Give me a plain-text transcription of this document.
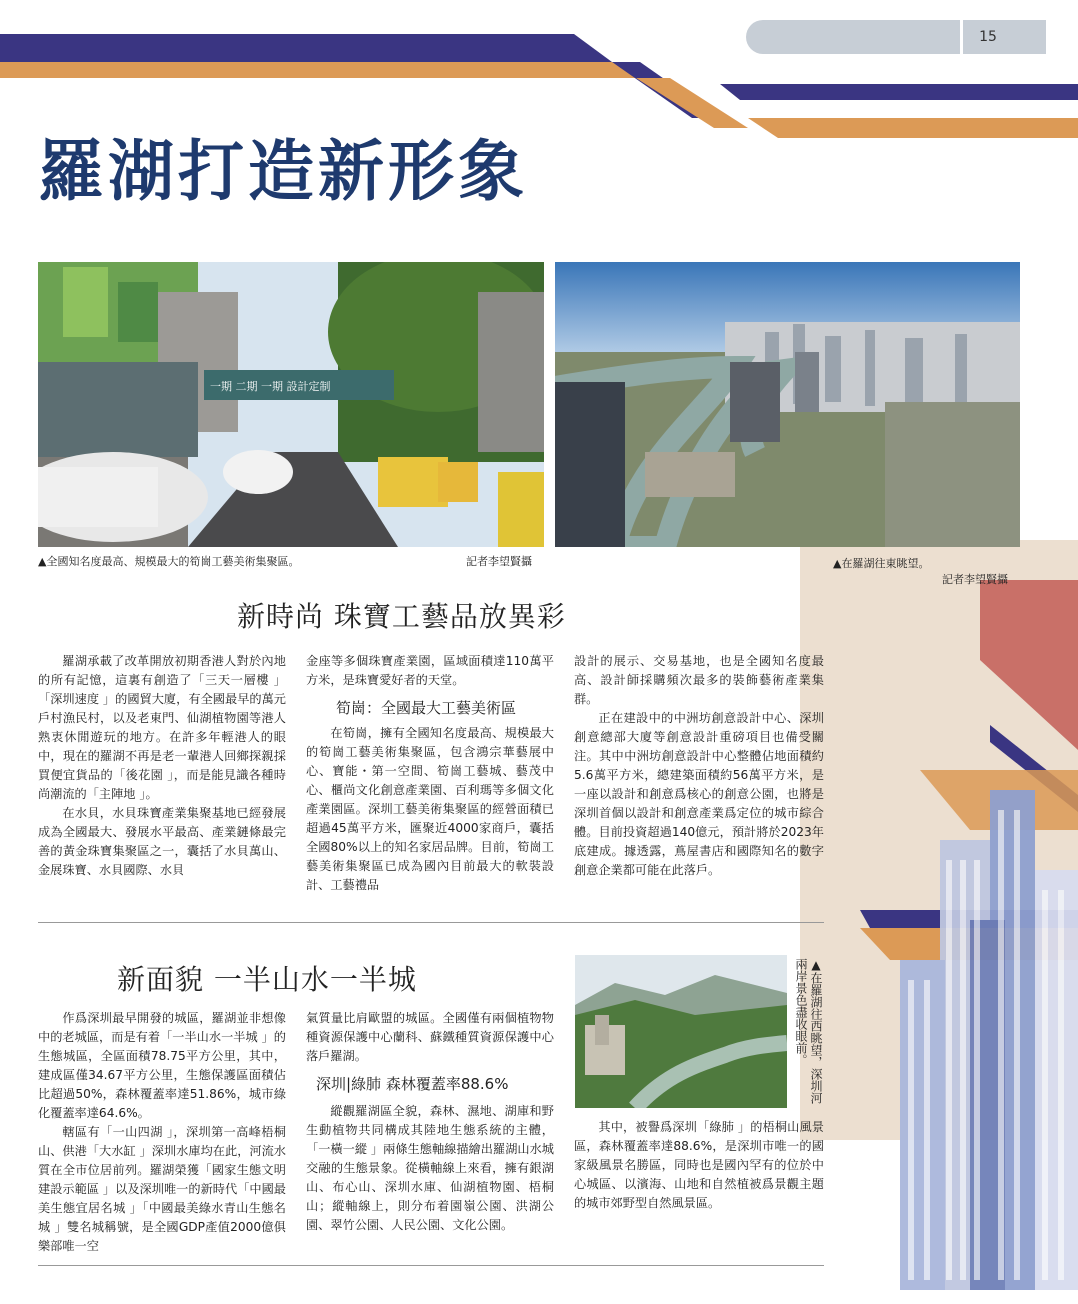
15
羅湖打造新形象
一期 二期 一期 設計定制
▲全國知名度最高、規模最大的筍崗工藝美術集聚區。	記者李望賢攝	▲在羅湖往東眺望。
記者李望賢攝
新時尚 珠寶工藝品放異彩

羅湖承載了改革開放初期香港人對於內地的所有記憶，這裏有創造了「三天一層樓 」「深圳速度 」的國貿大廈，有全國最早的萬元戶村漁民村，以及老東門、仙湖植物園等港人熟衷休閒遊玩的地方。在許多年輕港人的眼中，現在的羅湖不再是老一輩港人回鄉探親採買便宜貨品的「後花園 」，而是能見識各種時尚潮流的「主陣地 」。

在水貝，水貝珠寶產業集聚基地已經發展成為全國最大、發展水平最高、產業鏈條最完善的黃金珠寶集聚區之一，囊括了水貝萬山、金展珠寶、水貝國際、水貝

金座等多個珠寶產業園，區域面積達110萬平方米，是珠寶愛好者的天堂。

筍崗：全國最大工藝美術區

在筍崗，擁有全國知名度最高、規模最大的筍崗工藝美術集聚區，包含鴻宗華藝展中心、寶能・第一空間、筍崗工藝城、藝茂中心、櫃尚文化創意產業園、百利瑪等多個文化產業園區。深圳工藝美術集聚區的經營面積已超過45萬平方米，匯聚近4000家商戶，囊括全國80%以上的知名家居品牌。目前，筍崗工藝美術集聚區已成為國內目前最大的軟裝設計、工藝禮品

設計的展示、交易基地，也是全國知名度最高、設計師採購頻次最多的裝飾藝術產業集群。

正在建設中的中洲坊創意設計中心、深圳創意總部大廈等創意設計重磅項目也備受關注。其中中洲坊創意設計中心整體佔地面積約5.6萬平方米，總建築面積約56萬平方米，是一座以設計和創意爲核心的創意公園，也將是深圳首個以設計和創意產業爲定位的城市綜合體。目前投資超過140億元，預計將於2023年底建成。據透露，蔦屋書店和國際知名的數字創意企業都可能在此落戶。

新面貌 一半山水一半城	▲在羅湖往西眺望，深圳河兩岸景色盡收眼前。

作爲深圳最早開發的城區，羅湖並非想像中的老城區，而是有着「一半山水一半城 」的生態城區，全區面積78.75平方公里，其中，建成區僅34.67平方公里，生態保護區面積佔比超過50%，森林覆蓋率達51.86%，城市綠化覆蓋率達64.6%。

轄區有「一山四湖 」，深圳第一高峰梧桐山、供港「大水缸 」深圳水庫均在此，河流水質在全市位居前列。羅湖榮獲「國家生態文明建設示範區 」以及深圳唯一的新時代「中國最美生態宜居名城 」「中國最美綠水青山生態名城 」雙名城稱號，是全國GDP產值2000億俱樂部唯一空

氣質量比肩歐盟的城區。全國僅有兩個植物物種資源保護中心蘭科、蘇鐵種質資源保護中心落戶羅湖。

深圳|綠肺 森林覆蓋率88.6%

縱觀羅湖區全貌，森林、濕地、湖庫和野生動植物共同構成其陸地生態系統的主體，「一橫一縱 」兩條生態軸線描繪出羅湖山水城交融的生態景象。從橫軸線上來看，擁有銀湖山、布心山、深圳水庫、仙湖植物園、梧桐山；縱軸線上，則分布着園嶺公園、洪湖公園、翠竹公園、人民公園、文化公園。

其中，被譽爲深圳「綠肺 」的梧桐山風景區，森林覆蓋率達88.6%，是深圳市唯一的國家級風景名勝區，同時也是國內罕有的位於中心城區、以濱海、山地和自然植被爲景觀主題的城市郊野型自然風景區。
